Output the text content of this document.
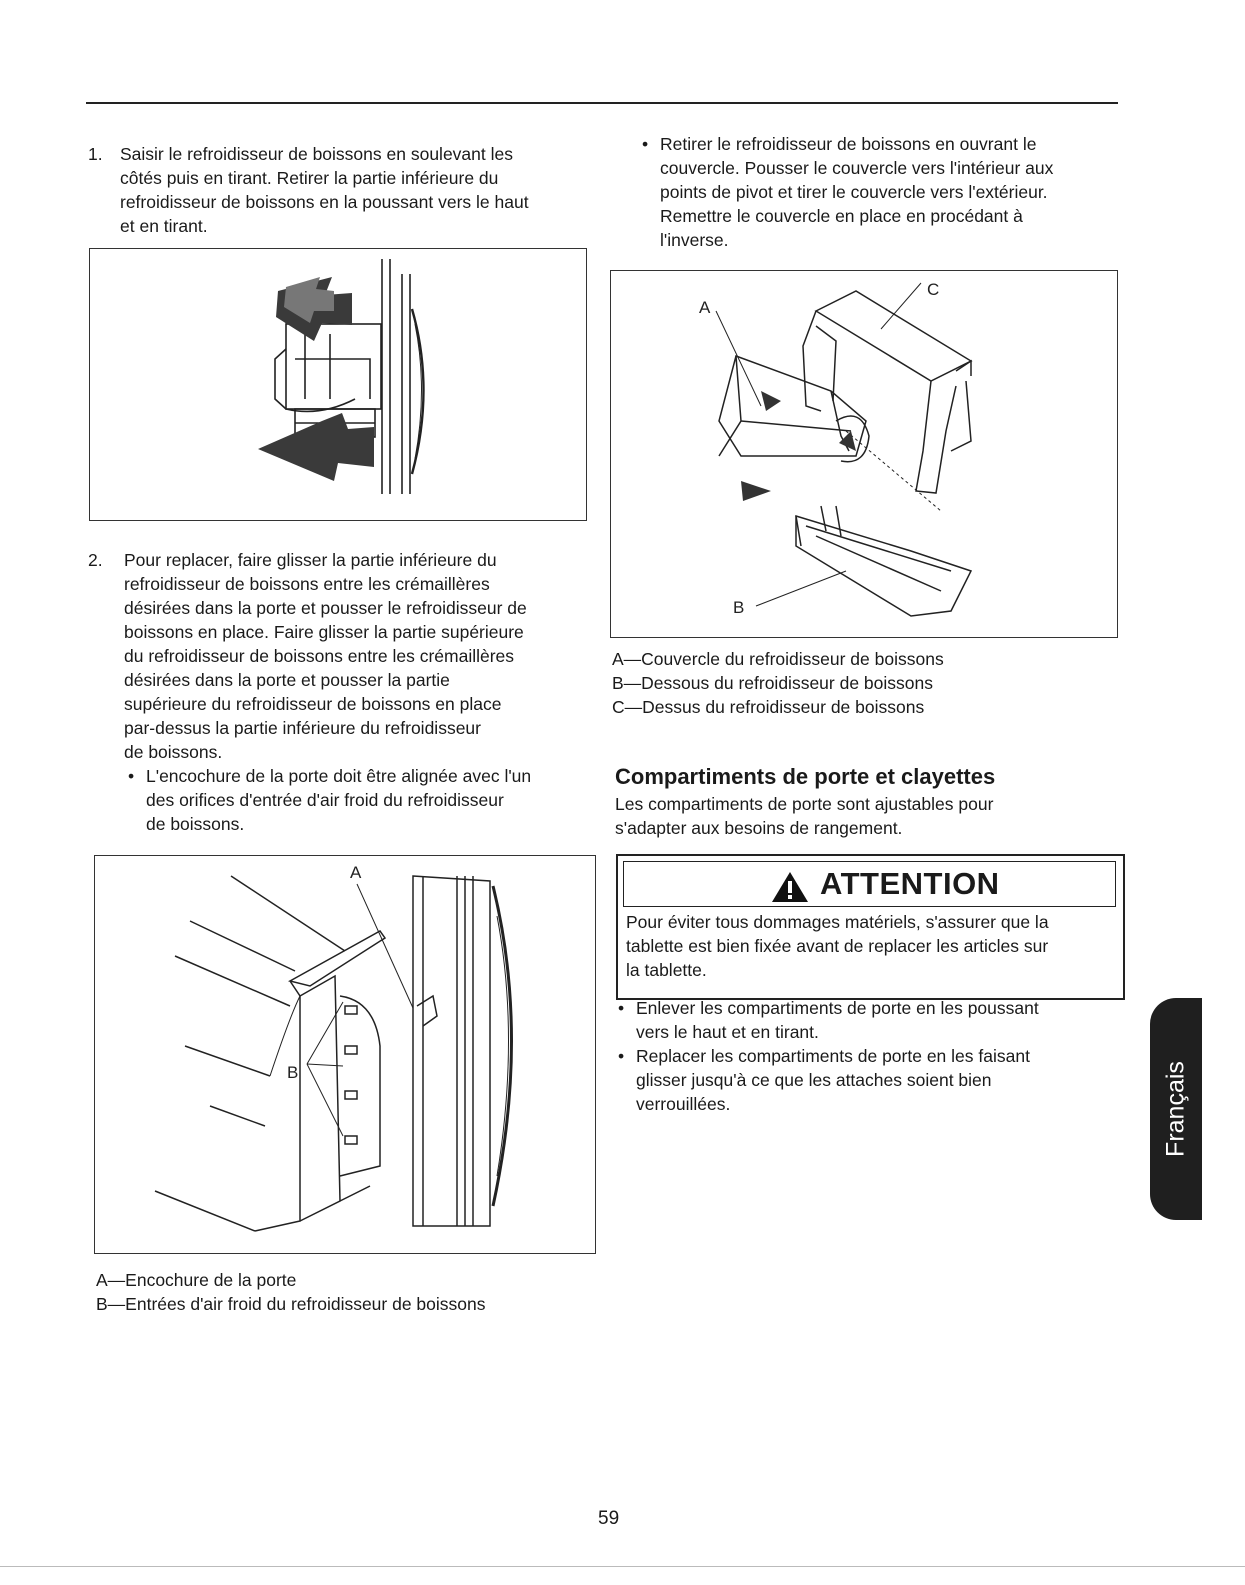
1. Saisir le refroidisseur de boissons en soulevant les
côtés puis en tirant. Retirer la partie inférieure du
refroidisseur de boissons en la poussant vers le haut
et en tirant.
2. Pour replacer, faire glisser la partie inférieure du
refroidisseur de boissons entre les crémaillères
désirées dans la porte et pousser le refroidisseur de
boissons en place. Faire glisser la partie supérieure
du refroidisseur de boissons entre les crémaillères
désirées dans la porte et pousser la partie
supérieure du refroidisseur de boissons en place
par-dessus la partie inférieure du refroidisseur
de boissons.
• L'encochure de la porte doit être alignée avec l'un
des orifices d'entrée d'air froid du refroidisseur
de boissons.
A
B
A—Encochure de la porte
B—Entrées d'air froid du refroidisseur de boissons
• Retirer le refroidisseur de boissons en ouvrant le
couvercle. Pousser le couvercle vers l'intérieur aux
points de pivot et tirer le couvercle vers l'extérieur.
Remettre le couvercle en place en procédant à
l'inverse.
A
B
C
A—Couvercle du refroidisseur de boissons
B—Dessous du refroidisseur de boissons
C—Dessus du refroidisseur de boissons
Compartiments de porte et clayettes
Les compartiments de porte sont ajustables pour
s'adapter aux besoins de rangement.
ATTENTION
Pour éviter tous dommages matériels, s'assurer que la
tablette est bien fixée avant de replacer les articles sur
la tablette.
• Enlever les compartiments de porte en les poussant
vers le haut et en tirant.
• Replacer les compartiments de porte en les faisant
glisser jusqu'à ce que les attaches soient bien
verrouillées.	Français
59
